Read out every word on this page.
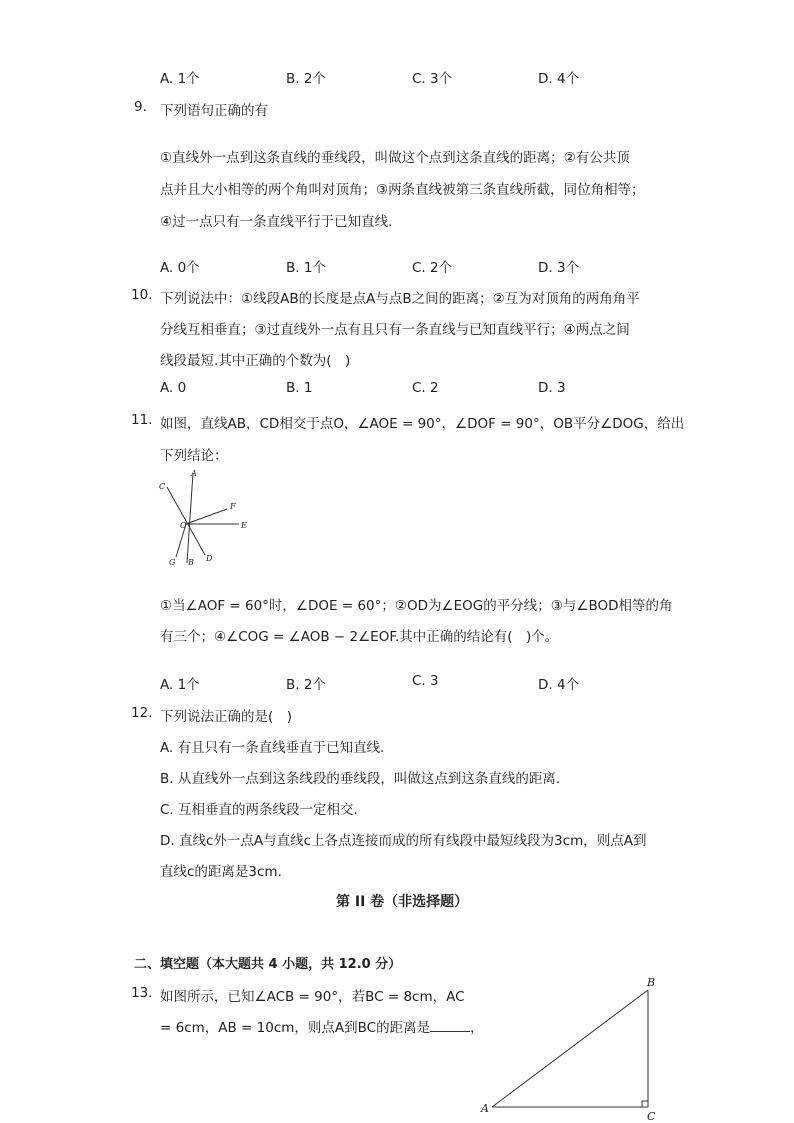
A. 1个	B. 2个	C. 3个	D. 4个
9. 下列语句正确的有
①直线外一点到这条直线的垂线段，叫做这个点到这条直线的距离；②有公共顶
点并且大小相等的两个角叫对顶角；③两条直线被第三条直线所截，同位角相等；
④过一点只有一条直线平行于已知直线．
A. 0个	B. 1个	C. 2个	D. 3个
10. 下列说法中：①线段AB的长度是点A与点B之间的距离；②互为对顶角的两角角平
分线互相垂直；③过直线外一点有且只有一条直线与已知直线平行；④两点之间
线段最短.其中正确的个数为(　)
A. 0	B. 1	C. 2	D. 3
11. 如图，直线AB，CD相交于点O，∠AOE = 90°，∠DOF = 90°，OB平分∠DOG，给出
下列结论：
A
C
F
O	E
G B D
①当∠AOF = 60°时，∠DOE = 60°；②OD为∠EOG的平分线；③与∠BOD相等的角
有三个；④∠COG = ∠AOB − 2∠EOF.其中正确的结论有(　)个。
A. 1个	B. 2个	C. 3	D. 4个
12. 下列说法正确的是(　)
A. 有且只有一条直线垂直于已知直线．
B. 从直线外一点到这条线段的垂线段，叫做这点到这条直线的距离．
C. 互相垂直的两条线段一定相交．
D. 直线c外一点A与直线c上各点连接而成的所有线段中最短线段为3cm，则点A到
直线c的距离是3cm．
第 II 卷（非选择题）
二、填空题（本大题共 4 小题，共 12.0 分）
13. 如图所示，已知∠ACB = 90°，若BC = 8cm，AC
= 6cm，AB = 10cm，则点A到BC的距离是	，
B
A
C
